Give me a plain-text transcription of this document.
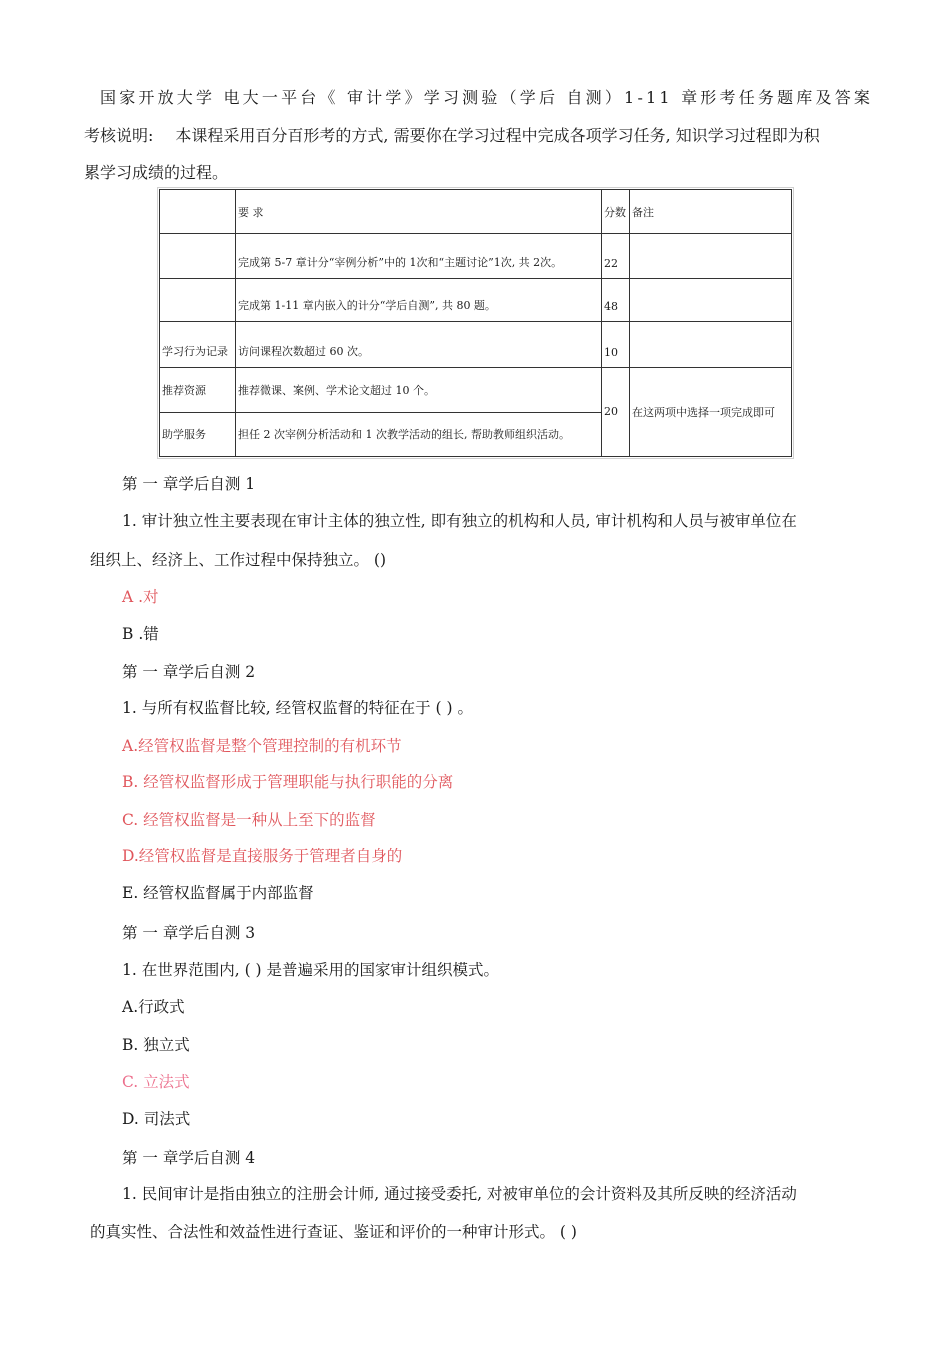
国家开放大学 电大一平台《 审计学》学习测验（学后 自测）1-11 章形考任务题库及答案
考核说明: 本课程采用百分百形考的方式, 需要你在学习过程中完成各项学习任务, 知识学习过程即为积
累学习成绩的过程。
	要 求	分数	备注
	完成第 5-7 章计分“宰例分析”中的 1次和“主题讨论”1次, 共 2次。	22	
	完成第 1-11 章内嵌入的计分“学后自测”, 共 80 题。	48	
学习行为记录	访问课程次数超过 60 次。	10	
推荐资源	推荐微课、案例、学术论文超过 10 个。	20	在这两项中选择一项完成即可
助学服务	担任 2 次宰例分析活动和 1 次教学活动的组长, 帮助教师组织活动。		
第 一 章学后自测 1
1. 审计独立性主要表现在审计主体的独立性, 即有独立的机构和人员, 审计机构和人员与被审单位在
组织上、经济上、工作过程中保持独立。 ()
A .对
B .错
第 一 章学后自测 2
1. 与所有权监督比较, 经管权监督的特征在于 ( ) 。
A.经管权监督是整个管理控制的有机环节
B. 经管权监督形成于管理职能与执行职能的分离
C. 经管权监督是一种从上至下的监督
D.经管权监督是直接服务于管理者自身的
E. 经管权监督属于内部监督
第 一 章学后自测 3
1. 在世界范围内, ( ) 是普遍采用的国家审计组织模式。
A.行政式
B. 独立式
C. 立法式
D. 司法式
第 一 章学后自测 4
1. 民间审计是指由独立的注册会计师, 通过接受委托, 对被审单位的会计资料及其所反映的经济活动
的真实性、合法性和效益性进行查证、鉴证和评价的一种审计形式。 ( )
